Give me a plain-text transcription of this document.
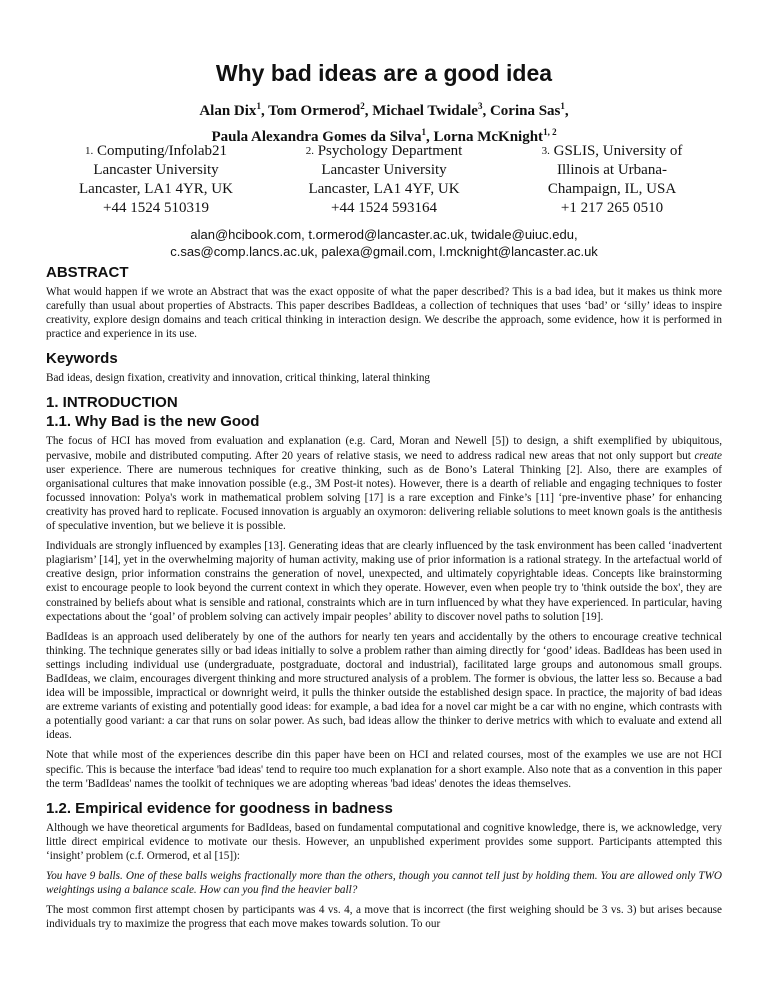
Why bad ideas are a good idea
Alan Dix$^1$, Tom Ormerod$^2$, Michael Twidale$^3$, Corina Sas$^1$,
Paula Alexandra Gomes da Silva$^1$, Lorna McKnight$^{1, 2}$
$^{1.}$ Computing/Infolab21
Lancaster University
Lancaster, LA1 4YR, UK
+44 1524 510319
$^{2.}$ Psychology Department
Lancaster University
Lancaster, LA1 4YF, UK
+44 1524 593164
$^{3.}$ GSLIS, University of
Illinois at Urbana-
Champaign, IL, USA
+1 217 265 0510
alan@hcibook.com, t.ormerod@lancaster.ac.uk, twidale@uiuc.edu,
c.sas@comp.lancs.ac.uk, palexa@gmail.com, l.mcknight@lancaster.ac.uk
ABSTRACT

What would happen if we wrote an Abstract that was the exact opposite of what the paper described? This is a bad idea, but it makes us think more carefully than usual about properties of Abstracts. This paper describes BadIdeas, a collection of techniques that uses ‘bad’ or ‘silly’ ideas to inspire creativity, explore design domains and teach critical thinking in interaction design. We describe the approach, some evidence, how it is performed in practice and experience in its use.

Keywords

Bad ideas, design fixation, creativity and innovation, critical thinking, lateral thinking

1. INTRODUCTION
1.1. Why Bad is the new Good

The focus of HCI has moved from evaluation and explanation (e.g. Card, Moran and Newell [5]) to design, a shift exemplified by ubiquitous, pervasive, mobile and distributed computing. After 20 years of relative stasis, we need to address radical new areas that not only support but create user experience. There are numerous techniques for creative thinking, such as de Bono’s Lateral Thinking [2]. Also, there are examples of organisational cultures that make innovation possible (e.g., 3M Post-it notes). However, there is a dearth of reliable and engaging techniques to foster focussed innovation: Polya's work in mathematical problem solving [17] is a rare exception and Finke’s [11] ‘pre-inventive phase’ for enhancing creativity has proved hard to replicate. Focused innovation is arguably an oxymoron: delivering reliable solutions to meet known goals is the antithesis of speculative invention, but we believe it is possible.

Individuals are strongly influenced by examples [13]. Generating ideas that are clearly influenced by the task environment has been called ‘inadvertent plagiarism’ [14], yet in the overwhelming majority of human activity, making use of prior information is a rational strategy. In the artefactual world of creative design, prior information constrains the generation of novel, unexpected, and ultimately copyrightable ideas. Concepts like brainstorming exist to encourage people to look beyond the current context in which they operate. However, even when people try to 'think outside the box', they are constrained by beliefs about what is sensible and rational, constraints which are in turn influenced by what they have experienced. In particular, having expectations about the ‘goal’ of problem solving can actively impair peoples’ ability to discover novel paths to solution [19].

BadIdeas is an approach used deliberately by one of the authors for nearly ten years and accidentally by the others to encourage creative technical thinking. The technique generates silly or bad ideas initially to solve a problem rather than aiming directly for ‘good’ ideas. BadIdeas has been used in settings including individual use (undergraduate, postgraduate, doctoral and industrial), facilitated large groups and autonomous small groups. BadIdeas, we claim, encourages divergent thinking and more structured analysis of a problem. The former is obvious, the latter less so. Because a bad idea will be impossible, impractical or downright weird, it pulls the thinker outside the established design space. In practice, the majority of bad ideas are extreme variants of existing and potentially good ideas: for example, a bad idea for a novel car might be a car with no engine, which contrasts with a potentially good variant: a car that runs on solar power. As such, bad ideas allow the thinker to derive metrics with which to evaluate and extend all ideas.

Note that while most of the experiences describe din this paper have been on HCI and related courses, most of the examples we use are not HCI specific. This is because the interface 'bad ideas' tend to require too much explanation for a short example. Also note that as a convention in this paper the term 'BadIdeas' names the toolkit of techniques we are adopting whereas 'bad ideas' denotes the ideas themselves.

1.2. Empirical evidence for goodness in badness

Although we have theoretical arguments for BadIdeas, based on fundamental computational and cognitive knowledge, there is, we acknowledge, very little direct empirical evidence to motivate our thesis. However, an unpublished experiment provides some support. Participants attempted this ‘insight’ problem (c.f. Ormerod, et al [15]):

You have 9 balls. One of these balls weighs fractionally more than the others, though you cannot tell just by holding them. You are allowed only TWO weightings using a balance scale. How can you find the heavier ball?

The most common first attempt chosen by participants was 4 vs. 4, a move that is incorrect (the first weighing should be 3 vs. 3) but arises because individuals try to maximize the progress that each move makes towards solution. To our
